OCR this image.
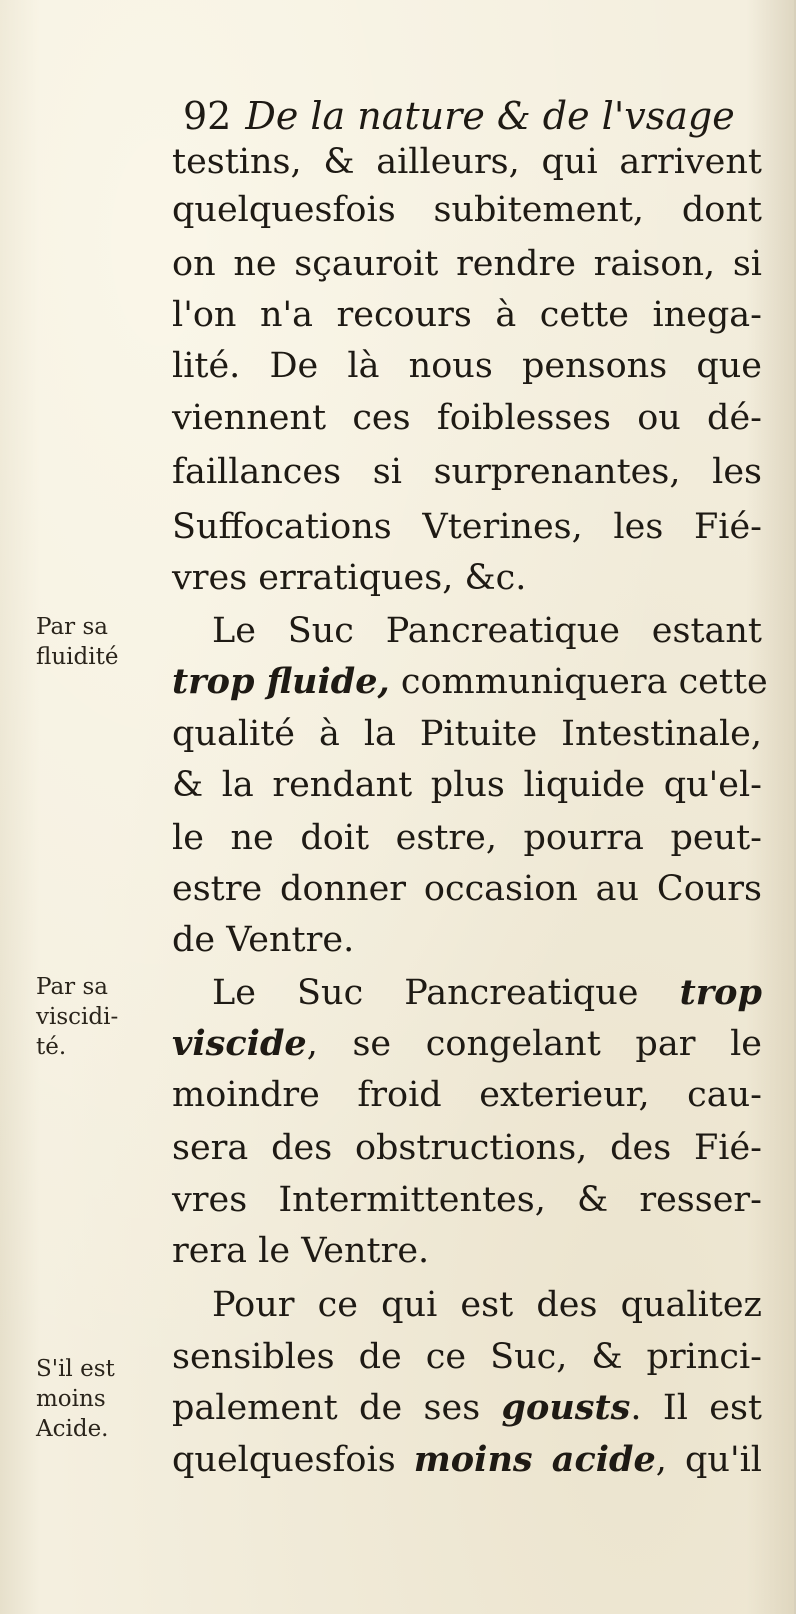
92 De la nature & de l'vsage
testins, & ailleurs, qui arrivent
quelquesfois subitement, dont
on ne sçauroit rendre raison, si
l'on n'a recours à cette inega-
lité. De là nous pensons que
viennent ces foiblesses ou dé-
faillances si surprenantes, les
Suffocations Vterines, les Fié-
vres erratiques, &c.
Le Suc Pancreatique estant
trop fluide, communiquera cette
qualité à la Pituite Intestinale,
& la rendant plus liquide qu'el-
le ne doit estre, pourra peut-
estre donner occasion au Cours
de Ventre.
Le Suc Pancreatique trop
viscide, se congelant par le
moindre froid exterieur, cau-
sera des obstructions, des Fié-
vres Intermittentes, & resser-
rera le Ventre.
Pour ce qui est des qualitez
sensibles de ce Suc, & princi-
palement de ses gousts. Il est
quelquesfois moins acide, qu'il
Par sa
fluidité
Par sa
viscidi-
té.
S'il est
moins
Acide.
